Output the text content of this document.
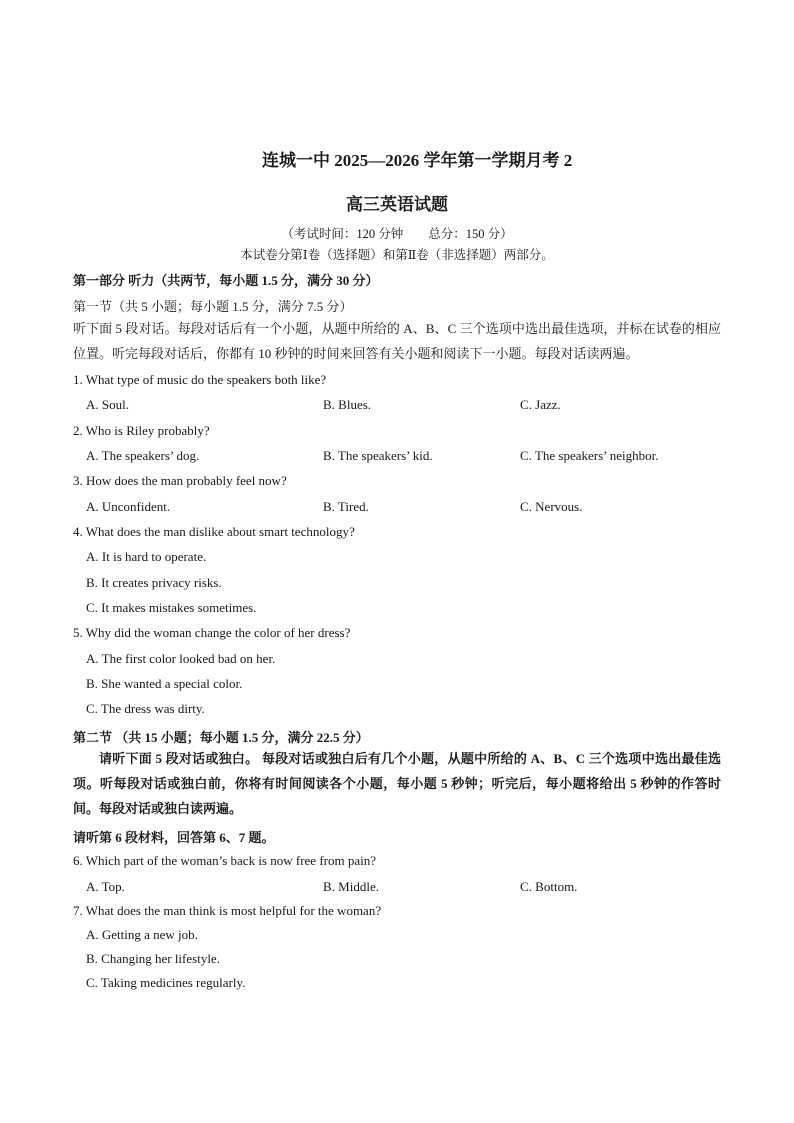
连城一中 2025—2026 学年第一学期月考 2
高三英语试题
（考试时间：120 分钟        总分：150 分）
本试卷分第Ⅰ卷（选择题）和第Ⅱ卷（非选择题）两部分。
第一部分 听力（共两节，每小题 1.5 分，满分 30 分）
第一节（共 5 小题；每小题 1.5 分，满分 7.5 分）
听下面 5 段对话。每段对话后有一个小题，从题中所给的 A、B、C 三个选项中选出最佳选项，并标在试卷的相应位置。听完每段对话后，你都有 10 秒钟的时间来回答有关小题和阅读下一小题。每段对话读两遍。
1. What type of music do the speakers both like?
A. Soul.	B. Blues.	C. Jazz.
2. Who is Riley probably?
A. The speakers’ dog.	B. The speakers’ kid.	C. The speakers’ neighbor.
3. How does the man probably feel now?
A. Unconfident.	B. Tired.	C. Nervous.
4. What does the man dislike about smart technology?
A. It is hard to operate.
B. It creates privacy risks.
C. It makes mistakes sometimes.
5. Why did the woman change the color of her dress?
A. The first color looked bad on her.
B. She wanted a special color.
C. The dress was dirty.
第二节 （共 15 小题；每小题 1.5 分，满分 22.5 分）
请听下面 5 段对话或独白。 每段对话或独白后有几个小题，从题中所给的 A、B、C 三个选项中选出最佳选项。听每段对话或独白前，你将有时间阅读各个小题，每小题 5 秒钟；听完后，每小题将给出 5 秒钟的作答时间。每段对话或独白读两遍。
请听第 6 段材料，回答第 6、7 题。
6. Which part of the woman’s back is now free from pain?
A. Top.	B. Middle.	C. Bottom.
7. What does the man think is most helpful for the woman?
A. Getting a new job.
B. Changing her lifestyle.
C. Taking medicines regularly.
